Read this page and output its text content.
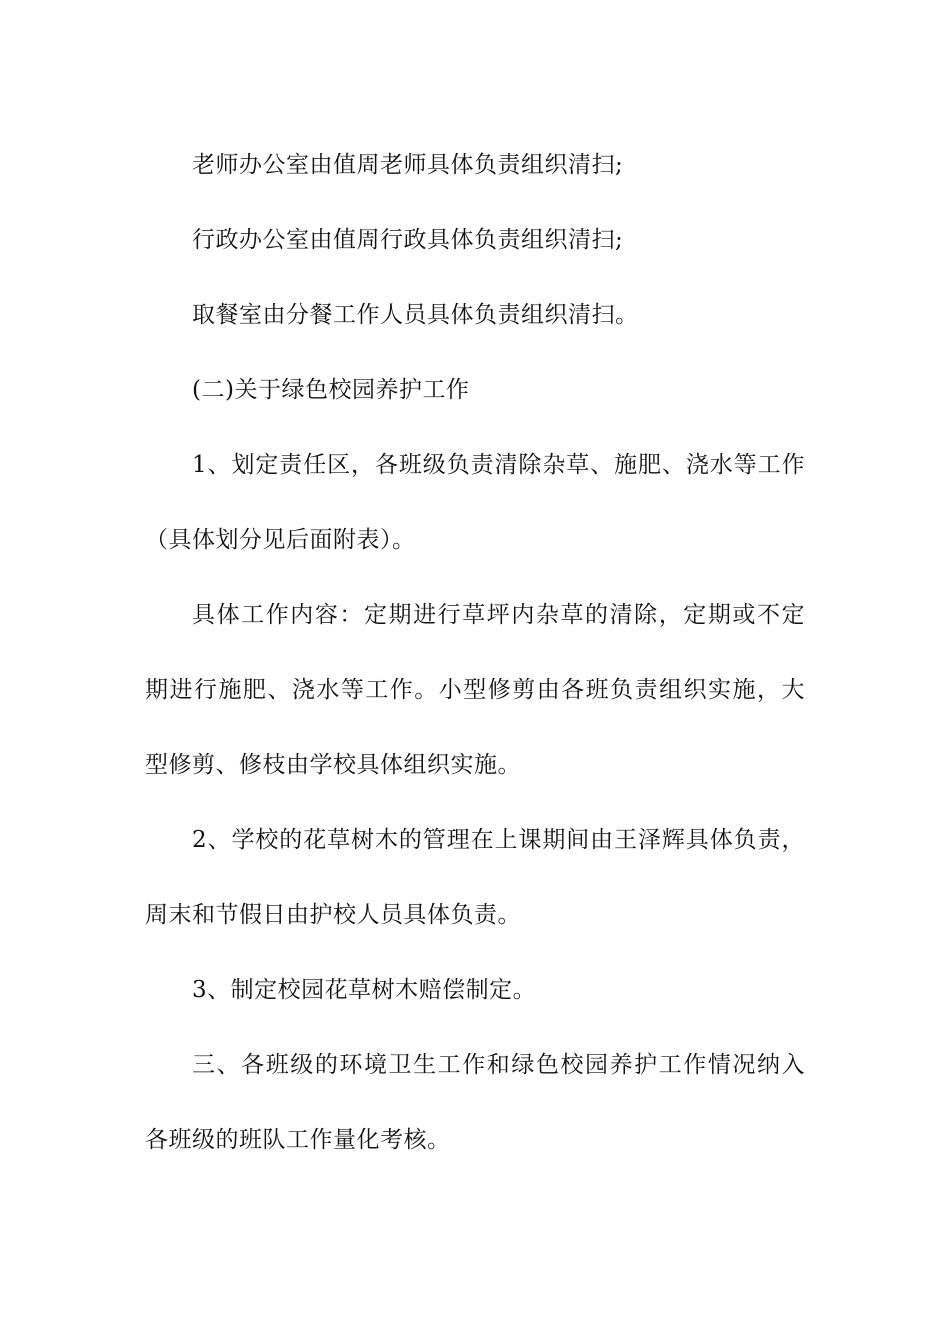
老师办公室由值周老师具体负责组织清扫;
行政办公室由值周行政具体负责组织清扫;
取餐室由分餐工作人员具体负责组织清扫。
(二)关于绿色校园养护工作
1、划定责任区，各班级负责清除杂草、施肥、浇水等工作
（具体划分见后面附表）。
具体工作内容：定期进行草坪内杂草的清除，定期或不定
期进行施肥、浇水等工作。小型修剪由各班负责组织实施，大
型修剪、修枝由学校具体组织实施。
2、学校的花草树木的管理在上课期间由王泽辉具体负责，
周末和节假日由护校人员具体负责。
3、制定校园花草树木赔偿制定。
三、各班级的环境卫生工作和绿色校园养护工作情况纳入
各班级的班队工作量化考核。
